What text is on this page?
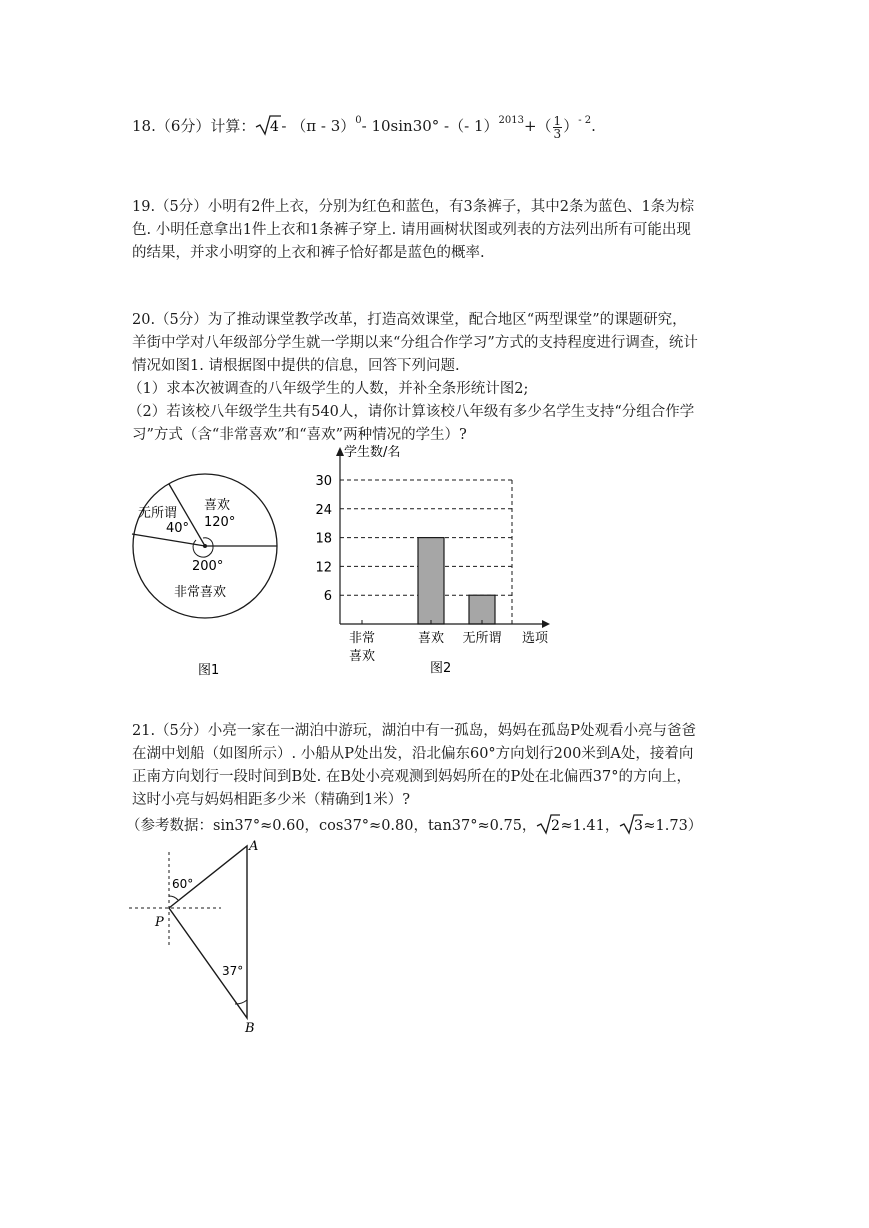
18.（6分）计算： 4 - （π - 3）$^0$- 10sin30° -（- $1)^{2013}+( \frac{1}{3} )^{- 2}$.
19.（5分）小明有2件上衣，分别为红色和蓝色，有3条裤子，其中2条为蓝色、1条为棕
色. 小明任意拿出1件上衣和1条裤子穿上. 请用画树状图或列表的方法列出所有可能出现
的结果，并求小明穿的上衣和裤子恰好都是蓝色的概率.
20.（5分）为了推动课堂教学改革，打造高效课堂，配合地区“两型课堂”的课题研究，
羊街中学对八年级部分学生就一学期以来“分组合作学习”方式的支持程度进行调查，统计
情况如图1. 请根据图中提供的信息，回答下列问题.
（1）求本次被调查的八年级学生的人数，并补全条形统计图2;
（2）若该校八年级学生共有540人，请你计算该校八年级有多少名学生支持“分组合作学
习”方式（含“非常喜欢”和“喜欢”两种情况的学生）?
无所谓
40°
喜欢
120°
200°
非常喜欢
图1
学生数/名
选项
6
12
18
24
30
非常
喜欢
喜欢 无所谓
图2
21.（5分）小亮一家在一湖泊中游玩，湖泊中有一孤岛，妈妈在孤岛P处观看小亮与爸爸
在湖中划船（如图所示）. 小船从P处出发，沿北偏东60°方向划行200米到A处，接着向
正南方向划行一段时间到B处. 在B处小亮观测到妈妈所在的P处在北偏西37°的方向上，
这时小亮与妈妈相距多少米（精确到1米）?
（参考数据：sin37°≈0.60，cos37°≈0.80，tan37°≈0.75， 2 ≈1.41， 3 ≈1.73）
A
B
P
60°
37°
